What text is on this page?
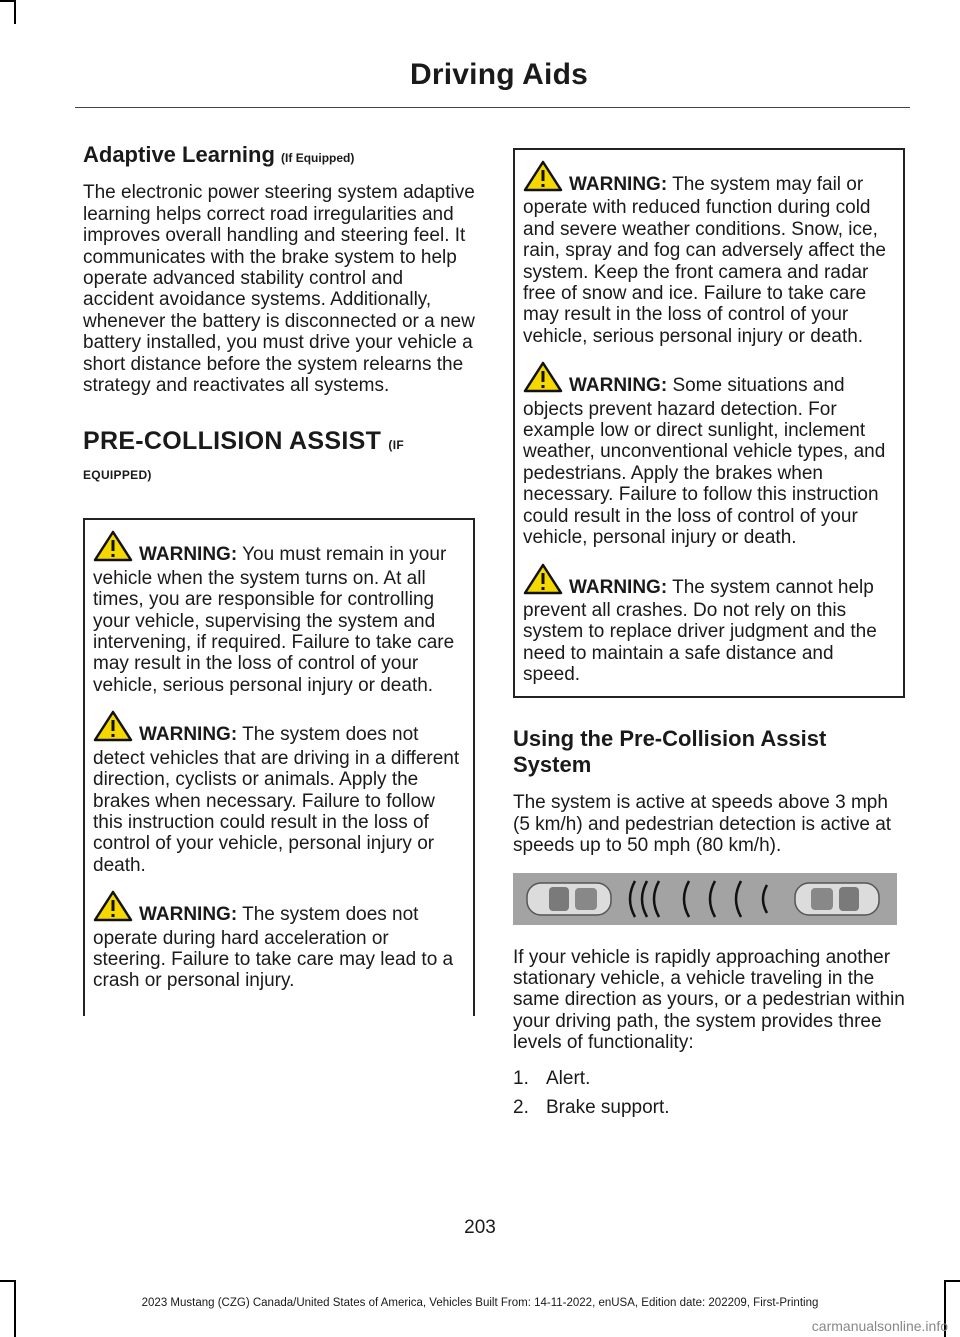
Driving Aids
Adaptive Learning (If Equipped)

The electronic power steering system adaptive learning helps correct road irregularities and improves overall handling and steering feel. It communicates with the brake system to help operate advanced stability control and accident avoidance systems. Additionally, whenever the battery is disconnected or a new battery installed, you must drive your vehicle a short distance before the system relearns the strategy and reactivates all systems.

PRE-COLLISION ASSIST (IF EQUIPPED)
WARNING: You must remain in your vehicle when the system turns on. At all times, you are responsible for controlling your vehicle, supervising the system and intervening, if required. Failure to take care may result in the loss of control of your vehicle, serious personal injury or death.
WARNING: The system does not detect vehicles that are driving in a different direction, cyclists or animals. Apply the brakes when necessary. Failure to follow this instruction could result in the loss of control of your vehicle, personal injury or death.
WARNING: The system does not operate during hard acceleration or steering. Failure to take care may lead to a crash or personal injury.
WARNING: The system may fail or operate with reduced function during cold and severe weather conditions. Snow, ice, rain, spray and fog can adversely affect the system. Keep the front camera and radar free of snow and ice. Failure to take care may result in the loss of control of your vehicle, serious personal injury or death.
WARNING: Some situations and objects prevent hazard detection. For example low or direct sunlight, inclement weather, unconventional vehicle types, and pedestrians. Apply the brakes when necessary. Failure to follow this instruction could result in the loss of control of your vehicle, personal injury or death.
WARNING: The system cannot help prevent all crashes. Do not rely on this system to replace driver judgment and the need to maintain a safe distance and speed.
Using the Pre-Collision Assist System

The system is active at speeds above 3 mph (5 km/h) and pedestrian detection is active at speeds up to 50 mph (80 km/h).

If your vehicle is rapidly approaching another stationary vehicle, a vehicle traveling in the same direction as yours, or a pedestrian within your driving path, the system provides three levels of functionality:

1. Alert.
2. Brake support.
203
2023 Mustang (CZG) Canada/United States of America, Vehicles Built From: 14-11-2022, enUSA, Edition date: 202209, First-Printing
carmanualsonline.info
